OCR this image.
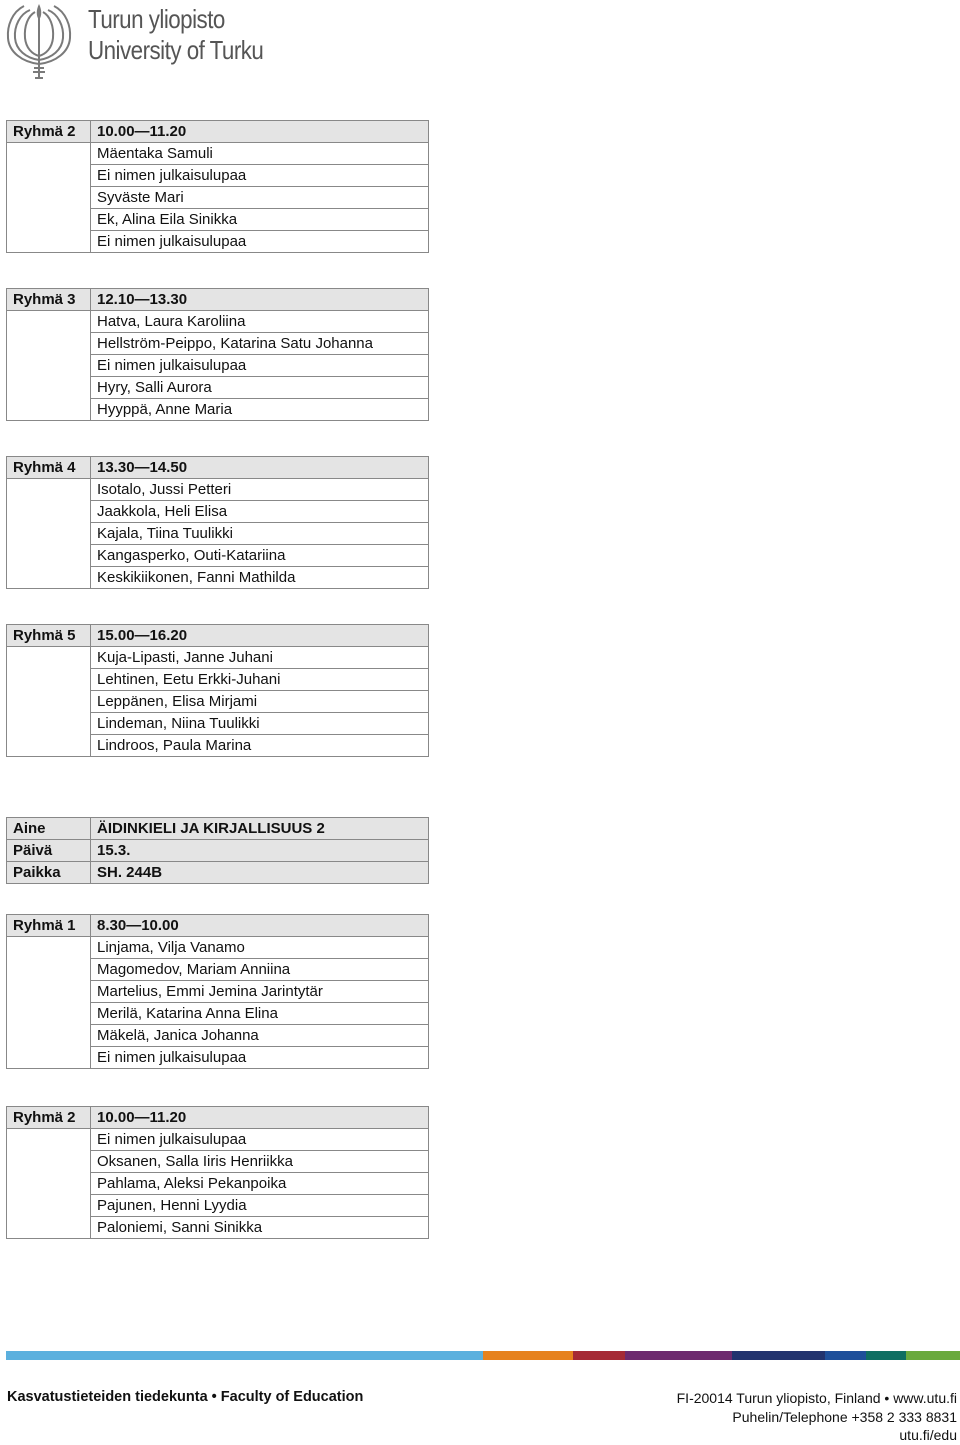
Turun yliopisto
University of Turku
Ryhmä 2	10.00—11.20
	Mäentaka Samuli
	Ei nimen julkaisulupaa
	Syväste Mari
	Ek, Alina Eila Sinikka
	Ei nimen julkaisulupaa
Ryhmä 3	12.10—13.30
	Hatva, Laura Karoliina
	Hellström-Peippo, Katarina Satu Johanna
	Ei nimen julkaisulupaa
	Hyry, Salli Aurora
	Hyyppä, Anne Maria
Ryhmä 4	13.30—14.50
	Isotalo, Jussi Petteri
	Jaakkola, Heli Elisa
	Kajala, Tiina Tuulikki
	Kangasperko, Outi-Katariina
	Keskikiikonen, Fanni Mathilda
Ryhmä 5	15.00—16.20
	Kuja-Lipasti, Janne Juhani
	Lehtinen, Eetu Erkki-Juhani
	Leppänen, Elisa Mirjami
	Lindeman, Niina Tuulikki
	Lindroos, Paula Marina
Aine	ÄIDINKIELI JA KIRJALLISUUS 2
Päivä	15.3.
Paikka	SH. 244B
Ryhmä 1	8.30—10.00
	Linjama, Vilja Vanamo
	Magomedov, Mariam Anniina
	Martelius, Emmi Jemina Jarintytär
	Merilä, Katarina Anna Elina
	Mäkelä, Janica Johanna
	Ei nimen julkaisulupaa
Ryhmä 2	10.00—11.20
	Ei nimen julkaisulupaa
	Oksanen, Salla Iiris Henriikka
	Pahlama, Aleksi Pekanpoika
	Pajunen, Henni Lyydia
	Paloniemi, Sanni Sinikka
Kasvatustieteiden tiedekunta • Faculty of Education	FI-20014 Turun yliopisto, Finland • www.utu.fi
Puhelin/Telephone +358 2 333 8831
utu.fi/edu
